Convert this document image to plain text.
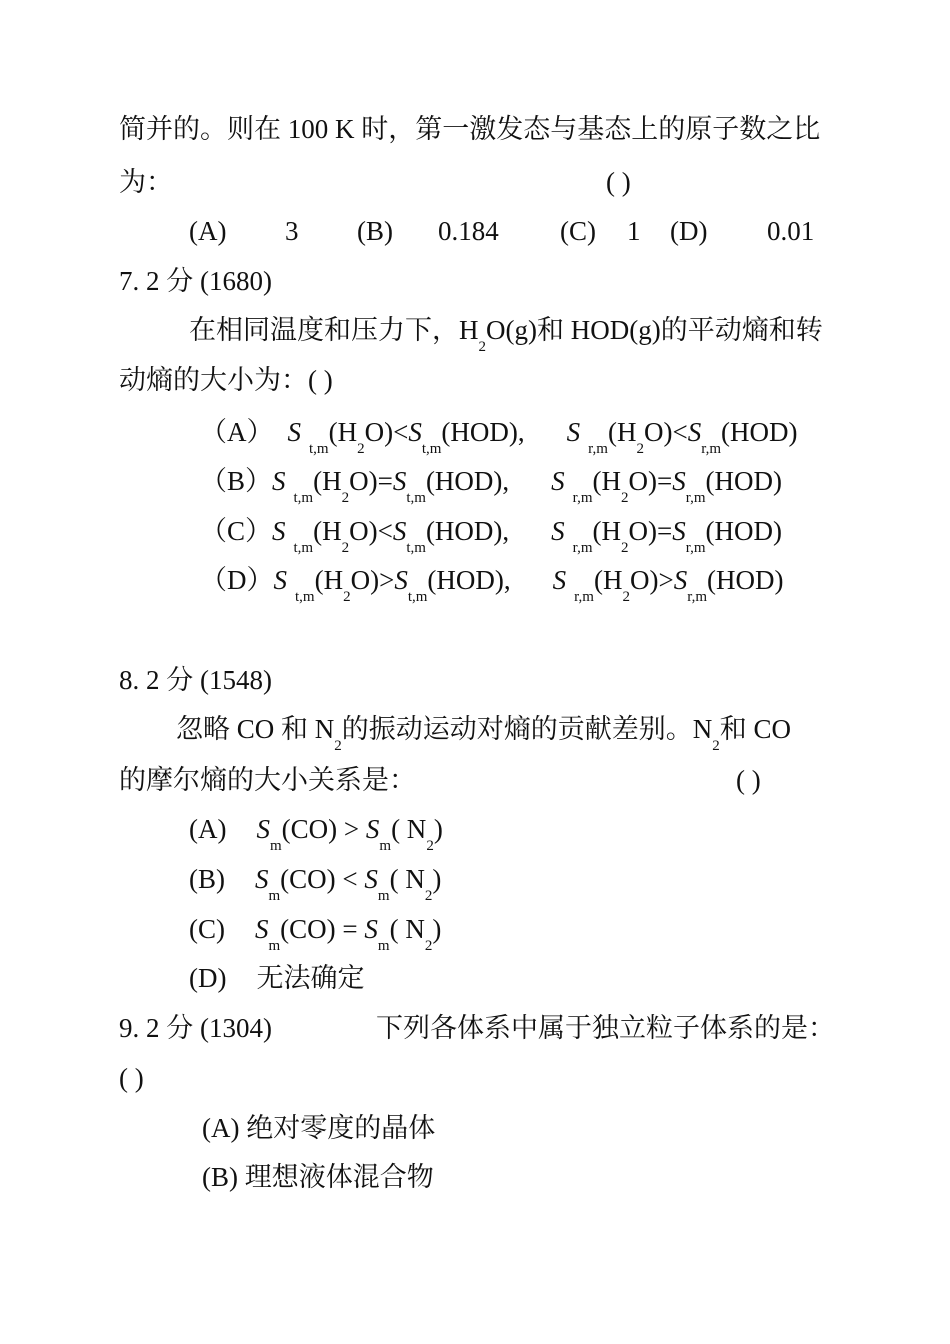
简并的。则在 100 K 时，第一激发态与基态上的原子数之比
为：	( )
(A) 3 (B) 0.184 (C) 1 (D) 0.01
7. 2 分 (1680)
在相同温度和压力下，$H_2O(g)$和 HOD(g)的平动熵和转
动熵的大小为：( )
（A） $S_{t,m}(H_2O)<S_{t,m}(HOD)$, $S_{r,m}(H_2O)<S_{r,m}(HOD)$
$(B)S_{t,m}(H_2O)=S_{t,m}(HOD)$, $S_{r,m}(H_2O)=S_{r,m}(HOD)$
$(C)S_{t,m}(H_2O)<S_{t,m}(HOD)$, $S_{r,m}(H_2O)=S_{r,m}(HOD)$
$(D)S_{t,m}(H_2O)>S_{t,m}(HOD)$, $S_{r,m}(H_2O)>S_{r,m}(HOD)$
8. 2 分 (1548)
忽略 CO 和 $N_2$的振动运动对熵的贡献差别。$N_2$和 CO
的摩尔熵的大小关系是：	( )
(A) $S_m(CO) > S_m$( $N_2$)
(B) $S_m(CO) < S_m$( $N_2$)
(C) $S_m(CO) = S_m$( $N_2$)
(D) 无法确定
9. 2 分 (1304)	下列各体系中属于独立粒子体系的是：
( )
(A) 绝对零度的晶体
(B) 理想液体混合物
